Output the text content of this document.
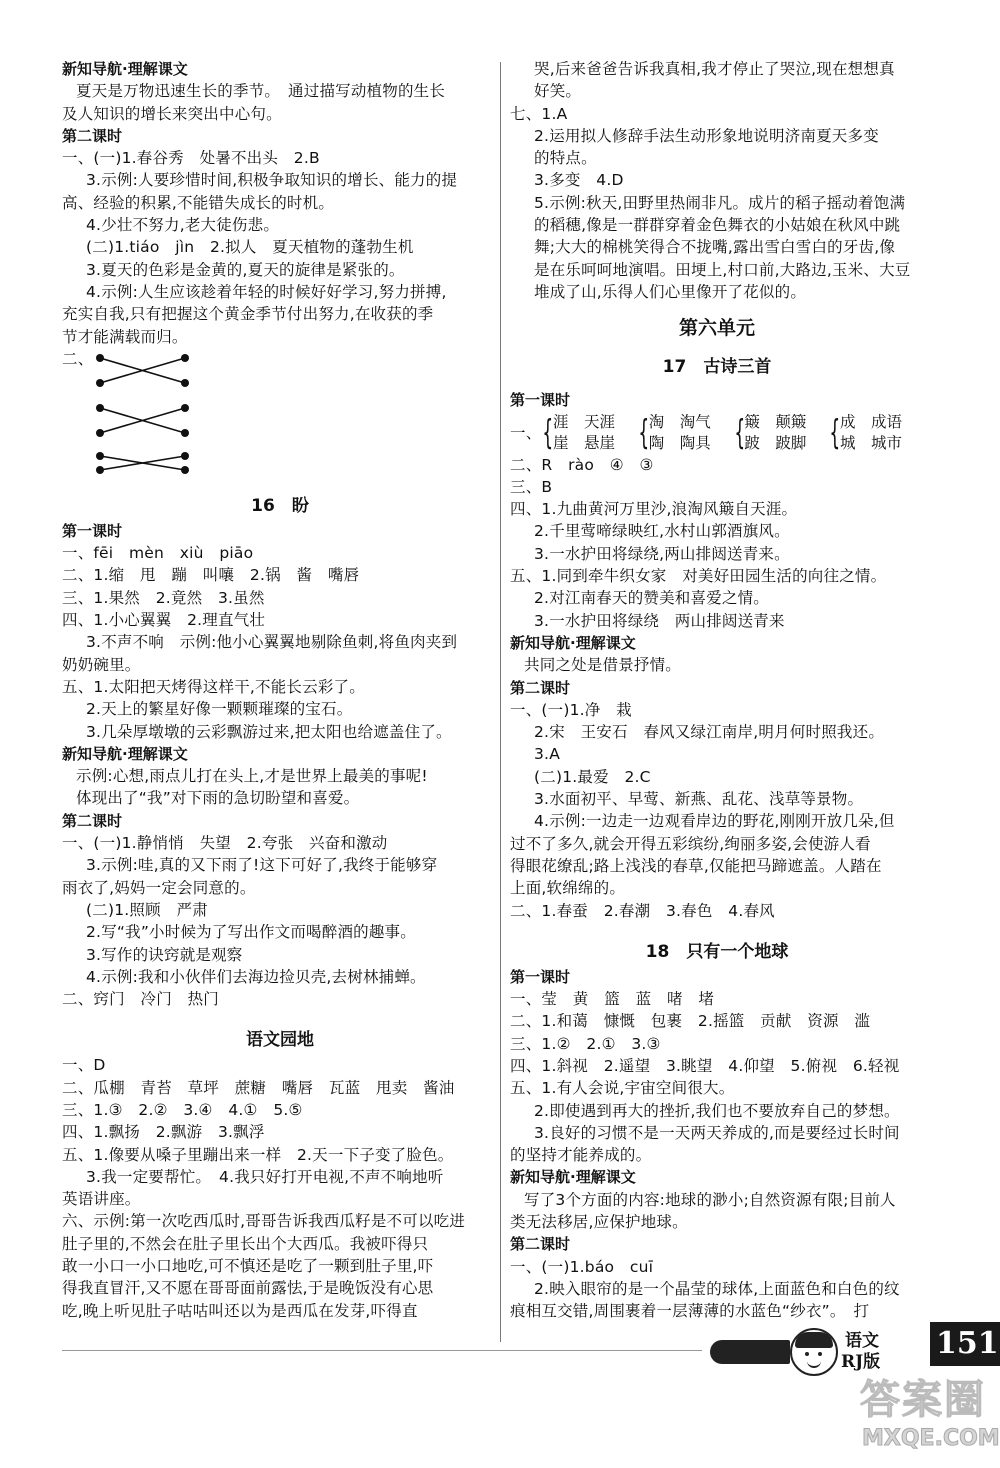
新知导航·理解课文
夏天是万物迅速生长的季节。　通过描写动植物的生长
及人知识的增长来突出中心句。
第二课时
一、(一)1.春谷秀　处暑不出头　2.B
3.示例:人要珍惜时间,积极争取知识的增长、能力的提
高、经验的积累,不能错失成长的时机。
4.少壮不努力,老大徒伤悲。
(二)1.tiáo　jìn　2.拟人　夏天植物的蓬勃生机
3.夏天的色彩是金黄的,夏天的旋律是紧张的。
4.示例:人生应该趁着年轻的时候好好学习,努力拼搏,
充实自我,只有把握这个黄金季节付出努力,在收获的季
节才能满载而归。
二、
16　盼
第一课时
一、fēi　mèn　xiù　piāo
二、1.缩　甩　蹦　叫嚷　2.锅　酱　嘴唇
三、1.果然　2.竟然　3.虽然
四、1.小心翼翼　2.理直气壮
3.不声不响　示例:他小心翼翼地剔除鱼刺,将鱼肉夹到
奶奶碗里。
五、1.太阳把天烤得这样干,不能长云彩了。
2.天上的繁星好像一颗颗璀璨的宝石。
3.几朵厚墩墩的云彩飘游过来,把太阳也给遮盖住了。
新知导航·理解课文
示例:心想,雨点儿打在头上,才是世界上最美的事呢!
体现出了“我”对下雨的急切盼望和喜爱。
第二课时
一、(一)1.静悄悄　失望　2.夸张　兴奋和激动
3.示例:哇,真的又下雨了!这下可好了,我终于能够穿
雨衣了,妈妈一定会同意的。
(二)1.照顾　严肃
2.写“我”小时候为了写出作文而喝醉酒的趣事。
3.写作的诀窍就是观察
4.示例:我和小伙伴们去海边捡贝壳,去树林捕蝉。
二、窍门　冷门　热门
语文园地
一、D
二、瓜棚　青苔　草坪　蔗糖　嘴唇　瓦蓝　甩卖　酱油
三、1.③　2.②　3.④　4.①　5.⑤
四、1.飘扬　2.飘游　3.飘浮
五、1.像要从嗓子里蹦出来一样　2.天一下子变了脸色。
3.我一定要帮忙。　4.我只好打开电视,不声不响地听
英语讲座。
六、示例:第一次吃西瓜时,哥哥告诉我西瓜籽是不可以吃进
肚子里的,不然会在肚子里长出个大西瓜。我被吓得只
敢一小口一小口地吃,可不慎还是吃了一颗到肚子里,吓
得我直冒汗,又不愿在哥哥面前露怯,于是晚饭没有心思
吃,晚上听见肚子咕咕叫还以为是西瓜在发芽,吓得直
哭,后来爸爸告诉我真相,我才停止了哭泣,现在想想真
好笑。
七、1.A
2.运用拟人修辞手法生动形象地说明济南夏天多变
的特点。
3.多变　4.D
5.示例:秋天,田野里热闹非凡。成片的稻子摇动着饱满
的稻穗,像是一群群穿着金色舞衣的小姑娘在秋风中跳
舞;大大的棉桃笑得合不拢嘴,露出雪白雪白的牙齿,像
是在乐呵呵地演唱。田埂上,村口前,大路边,玉米、大豆
堆成了山,乐得人们心里像开了花似的。
第六单元
17　古诗三首
第一课时
一、 { 涯　天涯
崖　悬崖 { 淘　淘气
陶　陶具 { 簸　颠簸
跛　跛脚 { 成　成语
城　城市
二、R　rào　④　③
三、B
四、1.九曲黄河万里沙,浪淘风簸自天涯。
2.千里莺啼绿映红,水村山郭酒旗风。
3.一水护田将绿绕,两山排闼送青来。
五、1.同到牵牛织女家　对美好田园生活的向往之情。
2.对江南春天的赞美和喜爱之情。
3.一水护田将绿绕　两山排闼送青来
新知导航·理解课文
共同之处是借景抒情。
第二课时
一、(一)1.净　栽
2.宋　王安石　春风又绿江南岸,明月何时照我还。
3.A
(二)1.最爱　2.C
3.水面初平、早莺、新燕、乱花、浅草等景物。
4.示例:一边走一边观看岸边的野花,刚刚开放几朵,但
过不了多久,就会开得五彩缤纷,绚丽多姿,会使游人看
得眼花缭乱;路上浅浅的春草,仅能把马蹄遮盖。人踏在
上面,软绵绵的。
二、1.春蚕　2.春潮　3.春色　4.春风
18　只有一个地球
第一课时
一、莹　黄　篮　蓝　啫　堵
二、1.和蔼　慷慨　包裹　2.摇篮　贡献　资源　滥
三、1.②　2.①　3.③
四、1.斜视　2.遥望　3.眺望　4.仰望　5.俯视　6.轻视
五、1.有人会说,宇宙空间很大。
2.即使遇到再大的挫折,我们也不要放弃自己的梦想。
3.良好的习惯不是一天两天养成的,而是要经过长时间
的坚持才能养成的。
新知导航·理解课文
写了3个方面的内容:地球的渺小;自然资源有限;目前人
类无法移居,应保护地球。
第二课时
一、(一)1.báo　cuī
2.映入眼帘的是一个晶莹的球体,上面蓝色和白色的纹
痕相互交错,周围裹着一层薄薄的水蓝色“纱衣”。　打
语文
RJ版
151
答案圈
MXQE.COM
